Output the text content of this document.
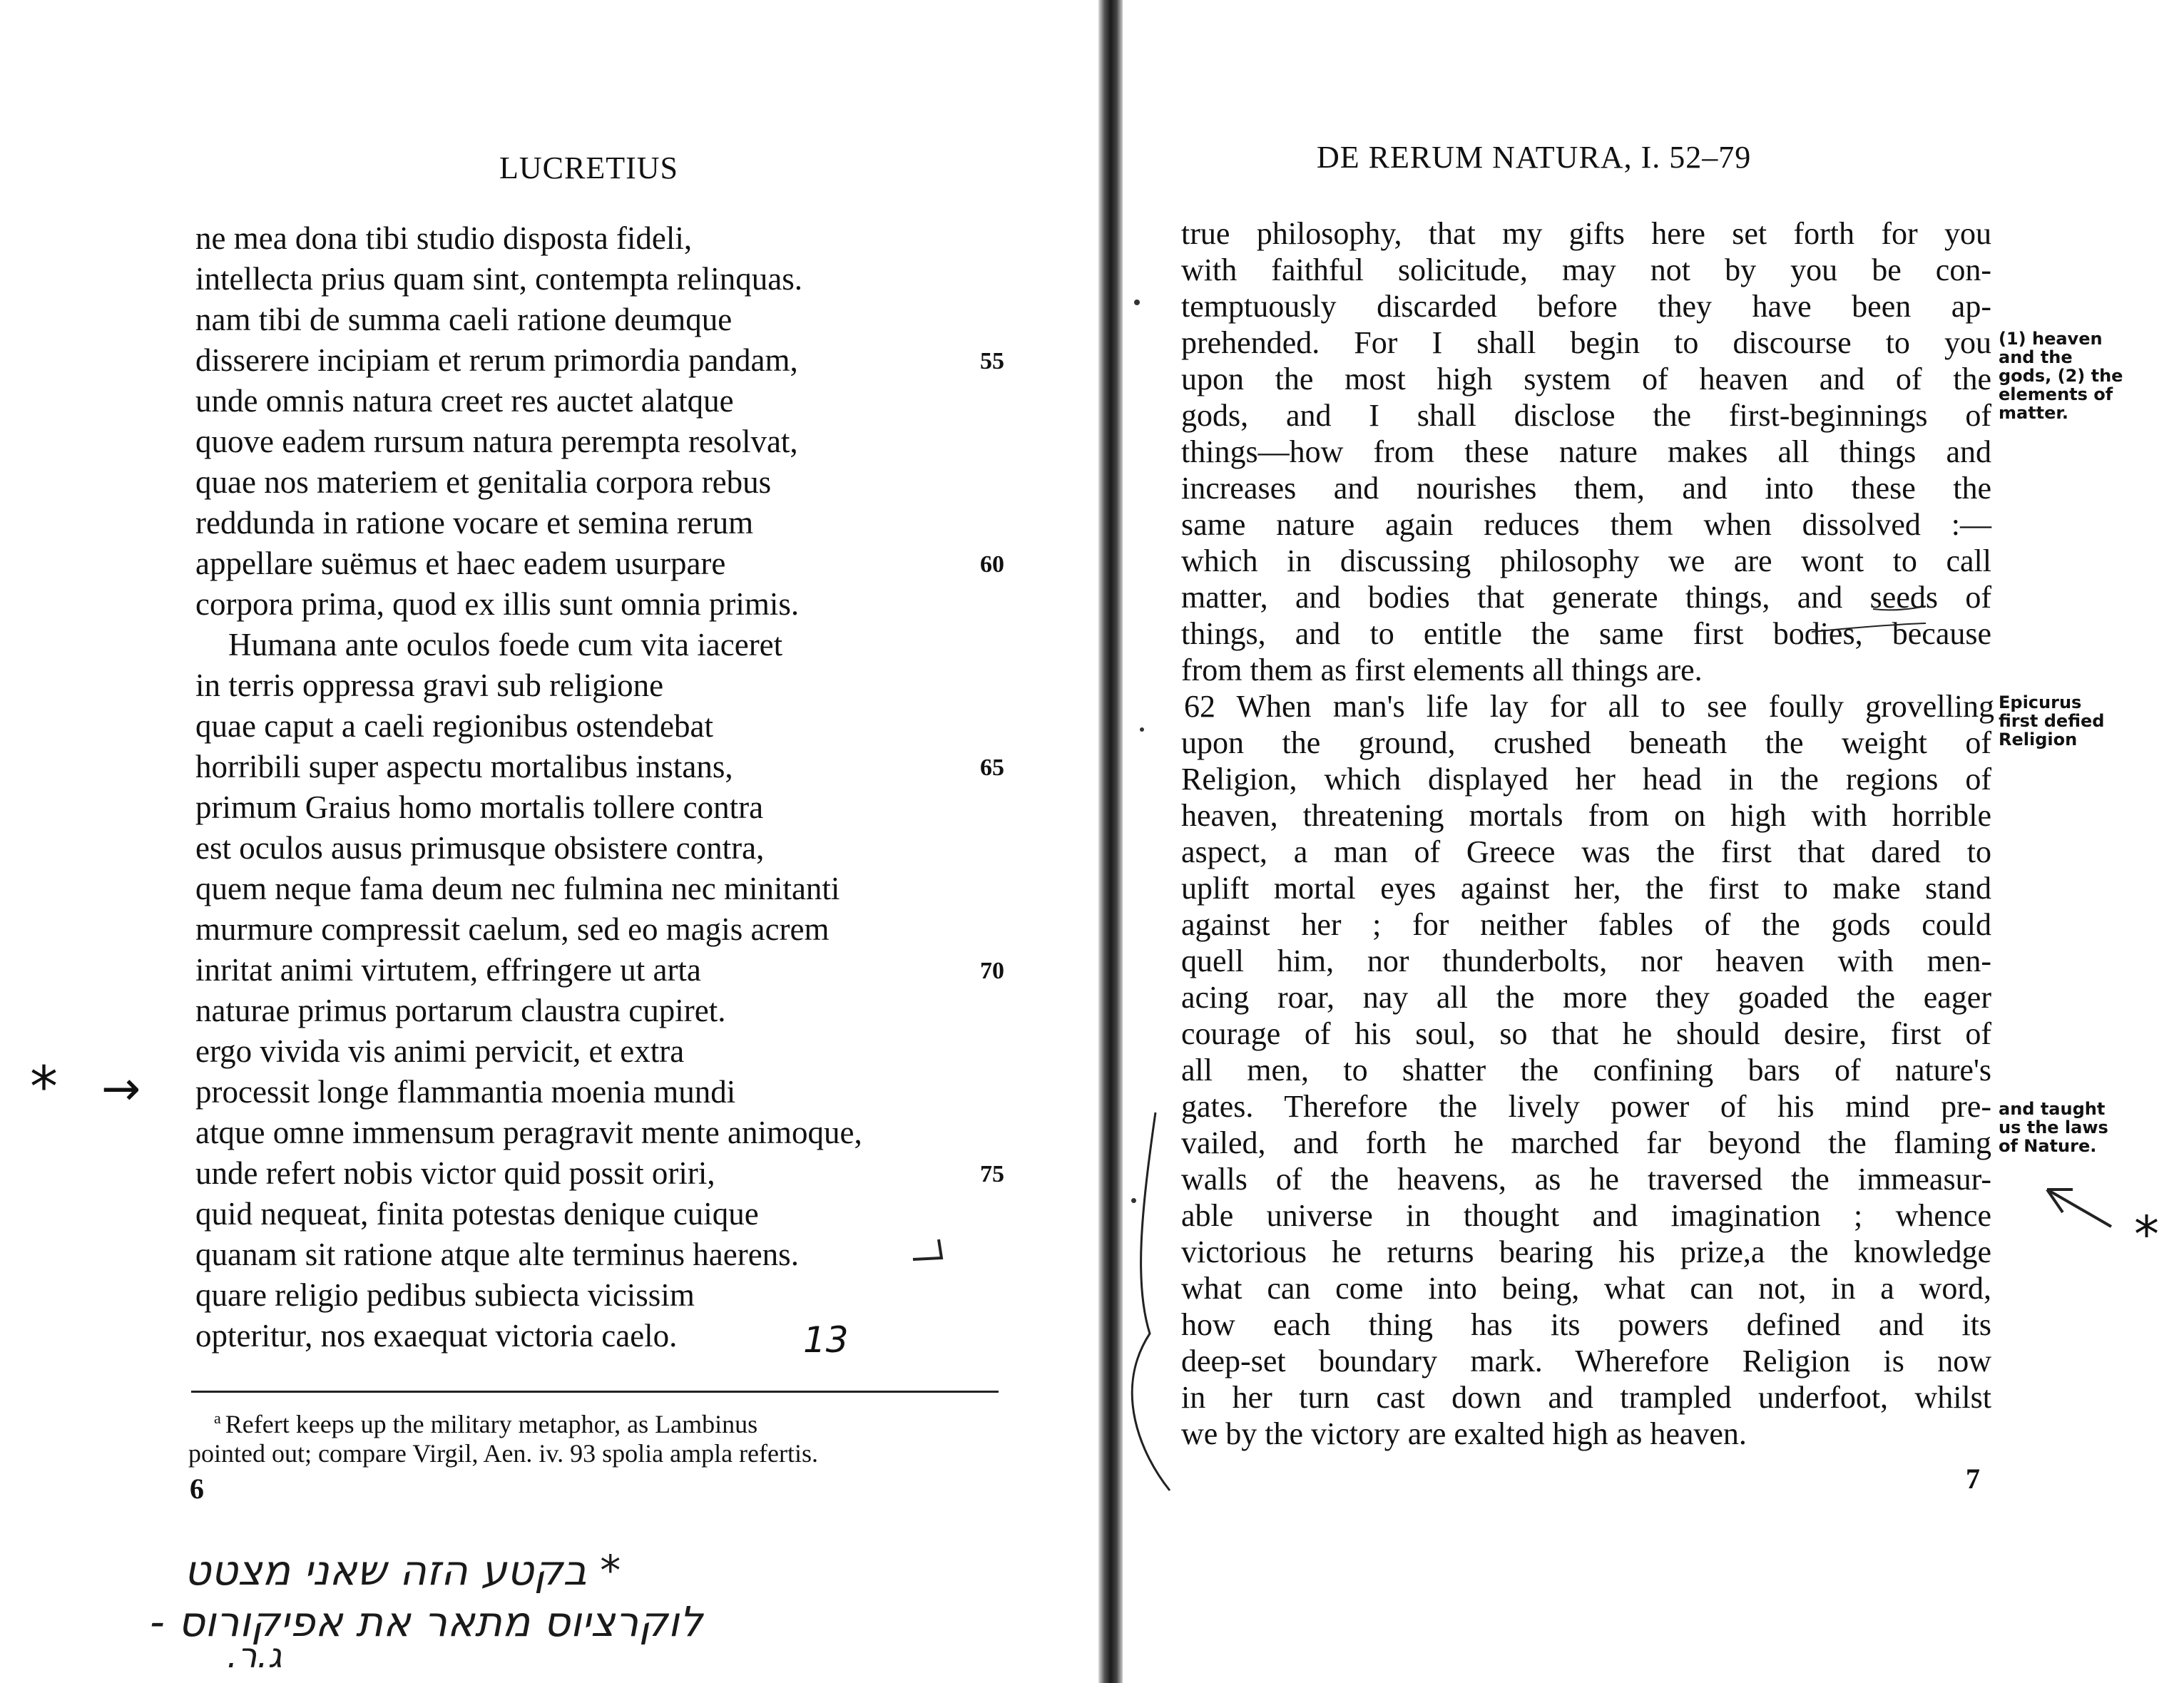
LUCRETIUS
ne mea dona tibi studio disposta fideli,
intellecta prius quam sint, contempta relinquas.
nam tibi de summa caeli ratione deumque
disserere incipiam et rerum primordia pandam,
unde omnis natura creet res auctet alatque
quove eadem rursum natura perempta resolvat,
quae nos materiem et genitalia corpora rebus
reddunda in ratione vocare et semina rerum
appellare suëmus et haec eadem usurpare
corpora prima, quod ex illis sunt omnia primis.
Humana ante oculos foede cum vita iaceret
in terris oppressa gravi sub religione
quae caput a caeli regionibus ostendebat
horribili super aspectu mortalibus instans,
primum Graius homo mortalis tollere contra
est oculos ausus primusque obsistere contra,
quem neque fama deum nec fulmina nec minitanti
murmure compressit caelum, sed eo magis acrem
inritat animi virtutem, effringere ut arta
naturae primus portarum claustra cupiret.
ergo vivida vis animi pervicit, et extra
processit longe flammantia moenia mundi
atque omne immensum peragravit mente animoque,
unde refert nobis victor quid possit oriri,
quid nequeat, finita potestas denique cuique
quanam sit ratione atque alte terminus haerens.
quare religio pedibus subiecta vicissim
opteritur, nos exaequat victoria caelo.
55
60
65
70
75
$^a$ Refert keeps up the military metaphor, as Lambinus
pointed out; compare Virgil, Aen. iv. 93 spolia ampla refertis.
6
* →
13
* בקטע הזה שאני מצטט
לוקרציוס מתאר את אפיקורוס -
ג.ר.
DE RERUM NATURA, I. 52–79
true philosophy, that my gifts here set forth for you
with faithful solicitude, may not by you be con-
temptuously discarded before they have been ap-
prehended. For I shall begin to discourse to you
upon the most high system of heaven and of the
gods, and I shall disclose the first-beginnings of
things—how from these nature makes all things and
increases and nourishes them, and into these the
same nature again reduces them when dissolved :—
which in discussing philosophy we are wont to call
matter, and bodies that generate things, and seeds of
things, and to entitle the same first bodies, because
from them as first elements all things are.
62 When man's life lay for all to see foully grovelling
upon the ground, crushed beneath the weight of
Religion, which displayed her head in the regions of
heaven, threatening mortals from on high with horrible
aspect, a man of Greece was the first that dared to
uplift mortal eyes against her, the first to make stand
against her ; for neither fables of the gods could
quell him, nor thunderbolts, nor heaven with men-
acing roar, nay all the more they goaded the eager
courage of his soul, so that he should desire, first of
all men, to shatter the confining bars of nature's
gates. Therefore the lively power of his mind pre-
vailed, and forth he marched far beyond the flaming
walls of the heavens, as he traversed the immeasur-
able universe in thought and imagination ; whence
victorious he returns bearing his prize,a the knowledge
what can come into being, what can not, in a word,
how each thing has its powers defined and its
deep-set boundary mark. Wherefore Religion is now
in her turn cast down and trampled underfoot, whilst
we by the victory are exalted high as heaven.
(1) heaven
and the
gods, (2) the
elements of
matter.
Epicurus
first defied
Religion
and taught
us the laws
of Nature.
7
*
